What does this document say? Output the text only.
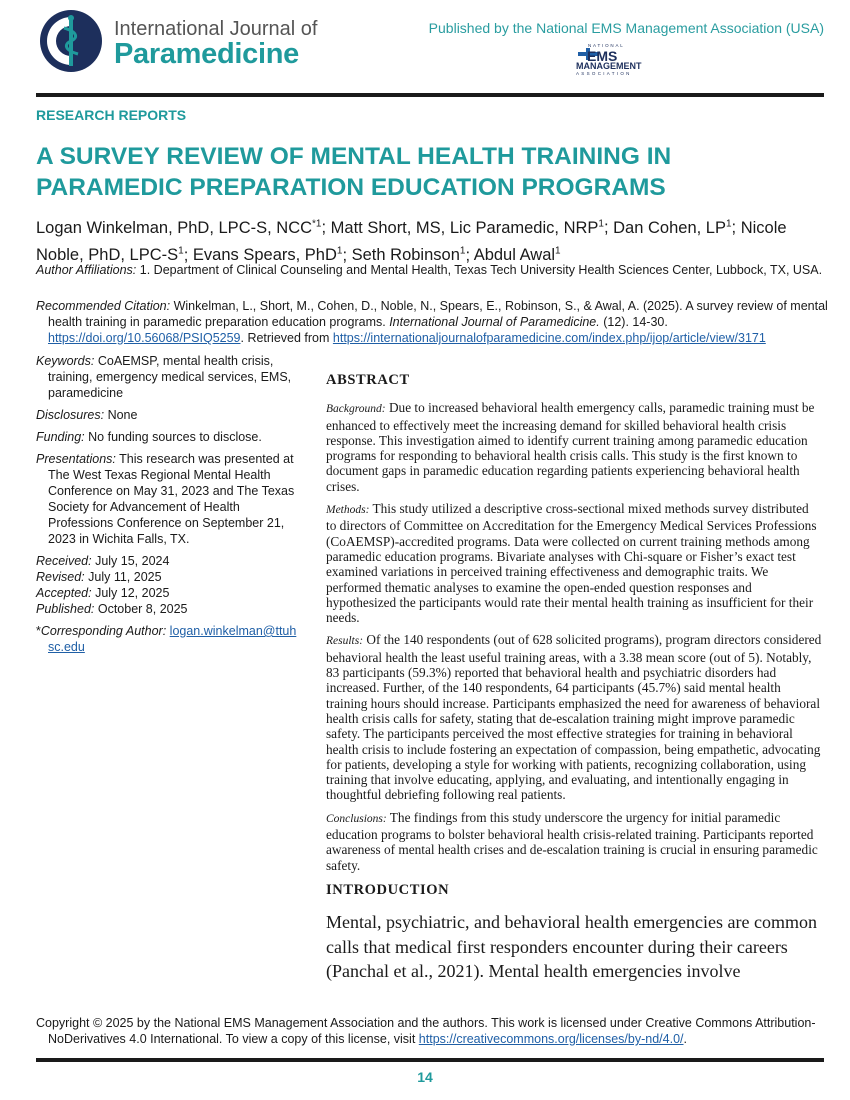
International Journal of
Paramedicine
Published by the National EMS Management Association (USA)
NATIONAL
EMS
MANAGEMENT
ASSOCIATION
RESEARCH REPORTS
A SURVEY REVIEW OF MENTAL HEALTH TRAINING IN PARAMEDIC PREPARATION EDUCATION PROGRAMS
Logan Winkelman, PhD, LPC-S, NCC$^{*1}$; Matt Short, MS, Lic Paramedic, NRP$^1$; Dan Cohen, $LP^1$; Nicole Noble, PhD, LPC-$S^1$; Evans Spears, PhD$^1$; Seth Robinson$^1$; Abdul Awal$^1$
Author Affiliations: 1. Department of Clinical Counseling and Mental Health, Texas Tech University Health Sciences Center, Lubbock, TX, USA.
Recommended Citation: Winkelman, L., Short, M., Cohen, D., Noble, N., Spears, E., Robinson, S., & Awal, A. (2025). A survey review of mental health training in paramedic preparation education programs. International Journal of Paramedicine. (12). 14-30. https://doi.org/10.56068/PSIQ5259. Retrieved from https://internationaljournalofparamedicine.com/index.php/ijop/article/view/3171
Keywords: CoAEMSP, mental health crisis, training, emergency medical services, EMS, paramedicine
Disclosures: None
Funding: No funding sources to disclose.
Presentations: This research was presented at The West Texas Regional Mental Health Conference on May 31, 2023 and The Texas Society for Advancement of Health Professions Conference on September 21, 2023 in Wichita Falls, TX.
Received: July 15, 2024
Revised: July 11, 2025
Accepted: July 12, 2025
Published: October 8, 2025
*Corresponding Author: logan.winkelman@ttuhsc.edu
ABSTRACT

Background: Due to increased behavioral health emergency calls, paramedic training must be enhanced to effectively meet the increasing demand for skilled behavioral health crisis response. This investigation aimed to identify current training among paramedic education programs for responding to behavioral health crisis calls. This study is the first known to document gaps in paramedic education regarding patients experiencing behavioral health crises.

Methods: This study utilized a descriptive cross-sectional mixed methods survey distributed to directors of Committee on Accreditation for the Emergency Medical Services Professions (CoAEMSP)-accredited programs. Data were collected on current training methods among paramedic education programs. Bivariate analyses with Chi-square or Fisher’s exact test examined variations in perceived training effectiveness and demographic traits. We performed thematic analyses to examine the open-ended question responses and hypothesized the participants would rate their mental health training as insufficient for their needs.

Results: Of the 140 respondents (out of 628 solicited programs), program directors considered behavioral health the least useful training areas, with a 3.38 mean score (out of 5). Notably, 83 participants (59.3%) reported that behavioral health and psychiatric disorders had increased. Further, of the 140 respondents, 64 participants (45.7%) said mental health training hours should increase. Participants emphasized the need for awareness of behavioral health crisis calls for safety, stating that de-escalation training might improve paramedic safety. The participants perceived the most effective strategies for training in behavioral health crisis to include fostering an expectation of compassion, being empathetic, advocating for patients, developing a style for working with patients, recognizing collaboration, using training that involve educating, applying, and evaluating, and intentionally engaging in thoughtful debriefing following real patients.

Conclusions: The findings from this study underscore the urgency for initial paramedic education programs to bolster behavioral health crisis-related training. Participants reported awareness of mental health crises and de-escalation training is crucial in ensuring paramedic safety.

INTRODUCTION
Mental, psychiatric, and behavioral health emergencies are common calls that medical first responders encounter during their careers (Panchal et al., 2021). Mental health emergencies involve
Copyright © 2025 by the National EMS Management Association and the authors. This work is licensed under Creative Commons Attribution-NoDerivatives 4.0 International. To view a copy of this license, visit https://creativecommons.org/licenses/by-nd/4.0/.
14
